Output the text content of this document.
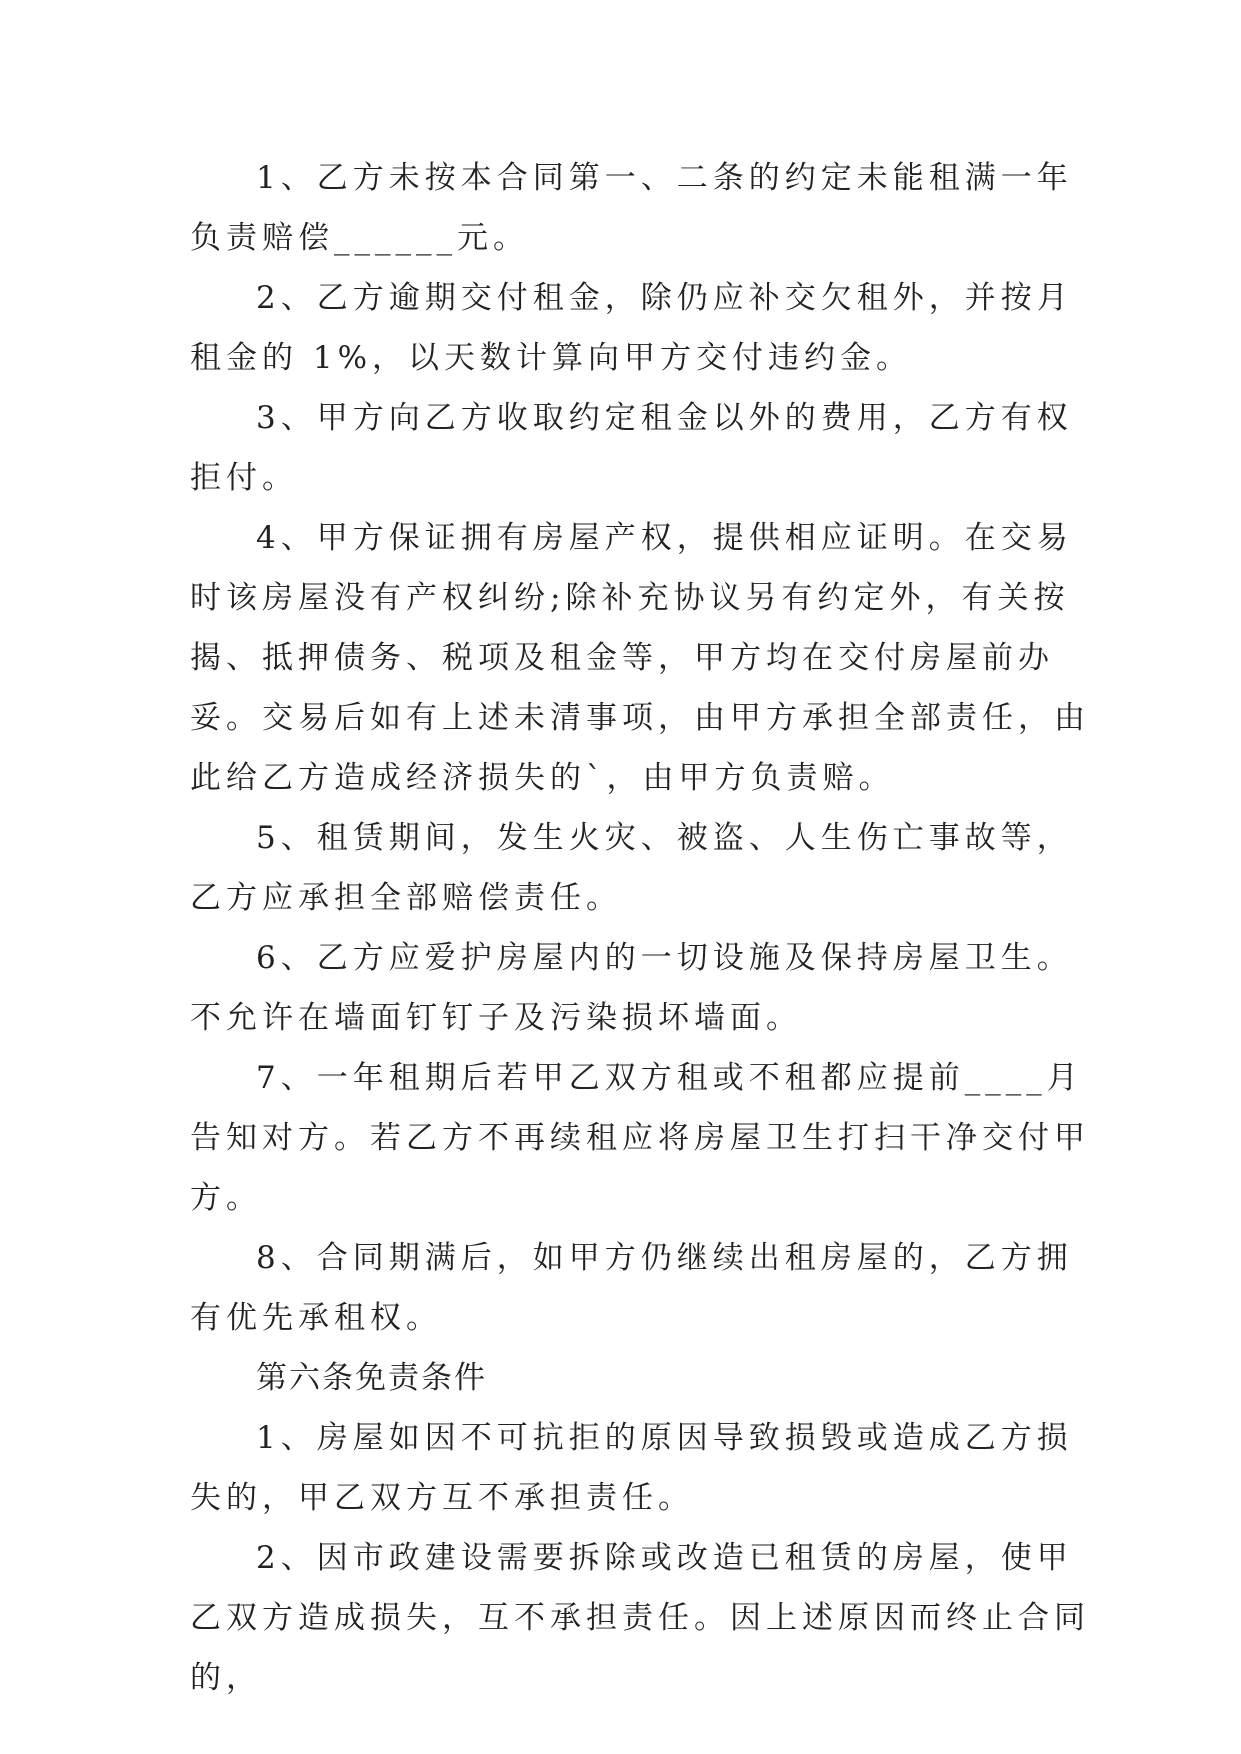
1、乙方未按本合同第一、二条的约定未能租满一年负责赔偿______元。

2、乙方逾期交付租金，除仍应补交欠租外，并按月租金的 1%，以天数计算向甲方交付违约金。

3、甲方向乙方收取约定租金以外的费用，乙方有权拒付。

4、甲方保证拥有房屋产权，提供相应证明。在交易时该房屋没有产权纠纷;除补充协议另有约定外，有关按揭、抵押债务、税项及租金等，甲方均在交付房屋前办妥。交易后如有上述未清事项，由甲方承担全部责任，由此给乙方造成经济损失的`，由甲方负责赔。

5、租赁期间，发生火灾、被盗、人生伤亡事故等，乙方应承担全部赔偿责任。

6、乙方应爱护房屋内的一切设施及保持房屋卫生。不允许在墙面钉钉子及污染损坏墙面。

7、一年租期后若甲乙双方租或不租都应提前____月告知对方。若乙方不再续租应将房屋卫生打扫干净交付甲方。

8、合同期满后，如甲方仍继续出租房屋的，乙方拥有优先承租权。

第六条免责条件

1、房屋如因不可抗拒的原因导致损毁或造成乙方损失的，甲乙双方互不承担责任。

2、因市政建设需要拆除或改造已租赁的房屋，使甲乙双方造成损失，互不承担责任。因上述原因而终止合同的，
